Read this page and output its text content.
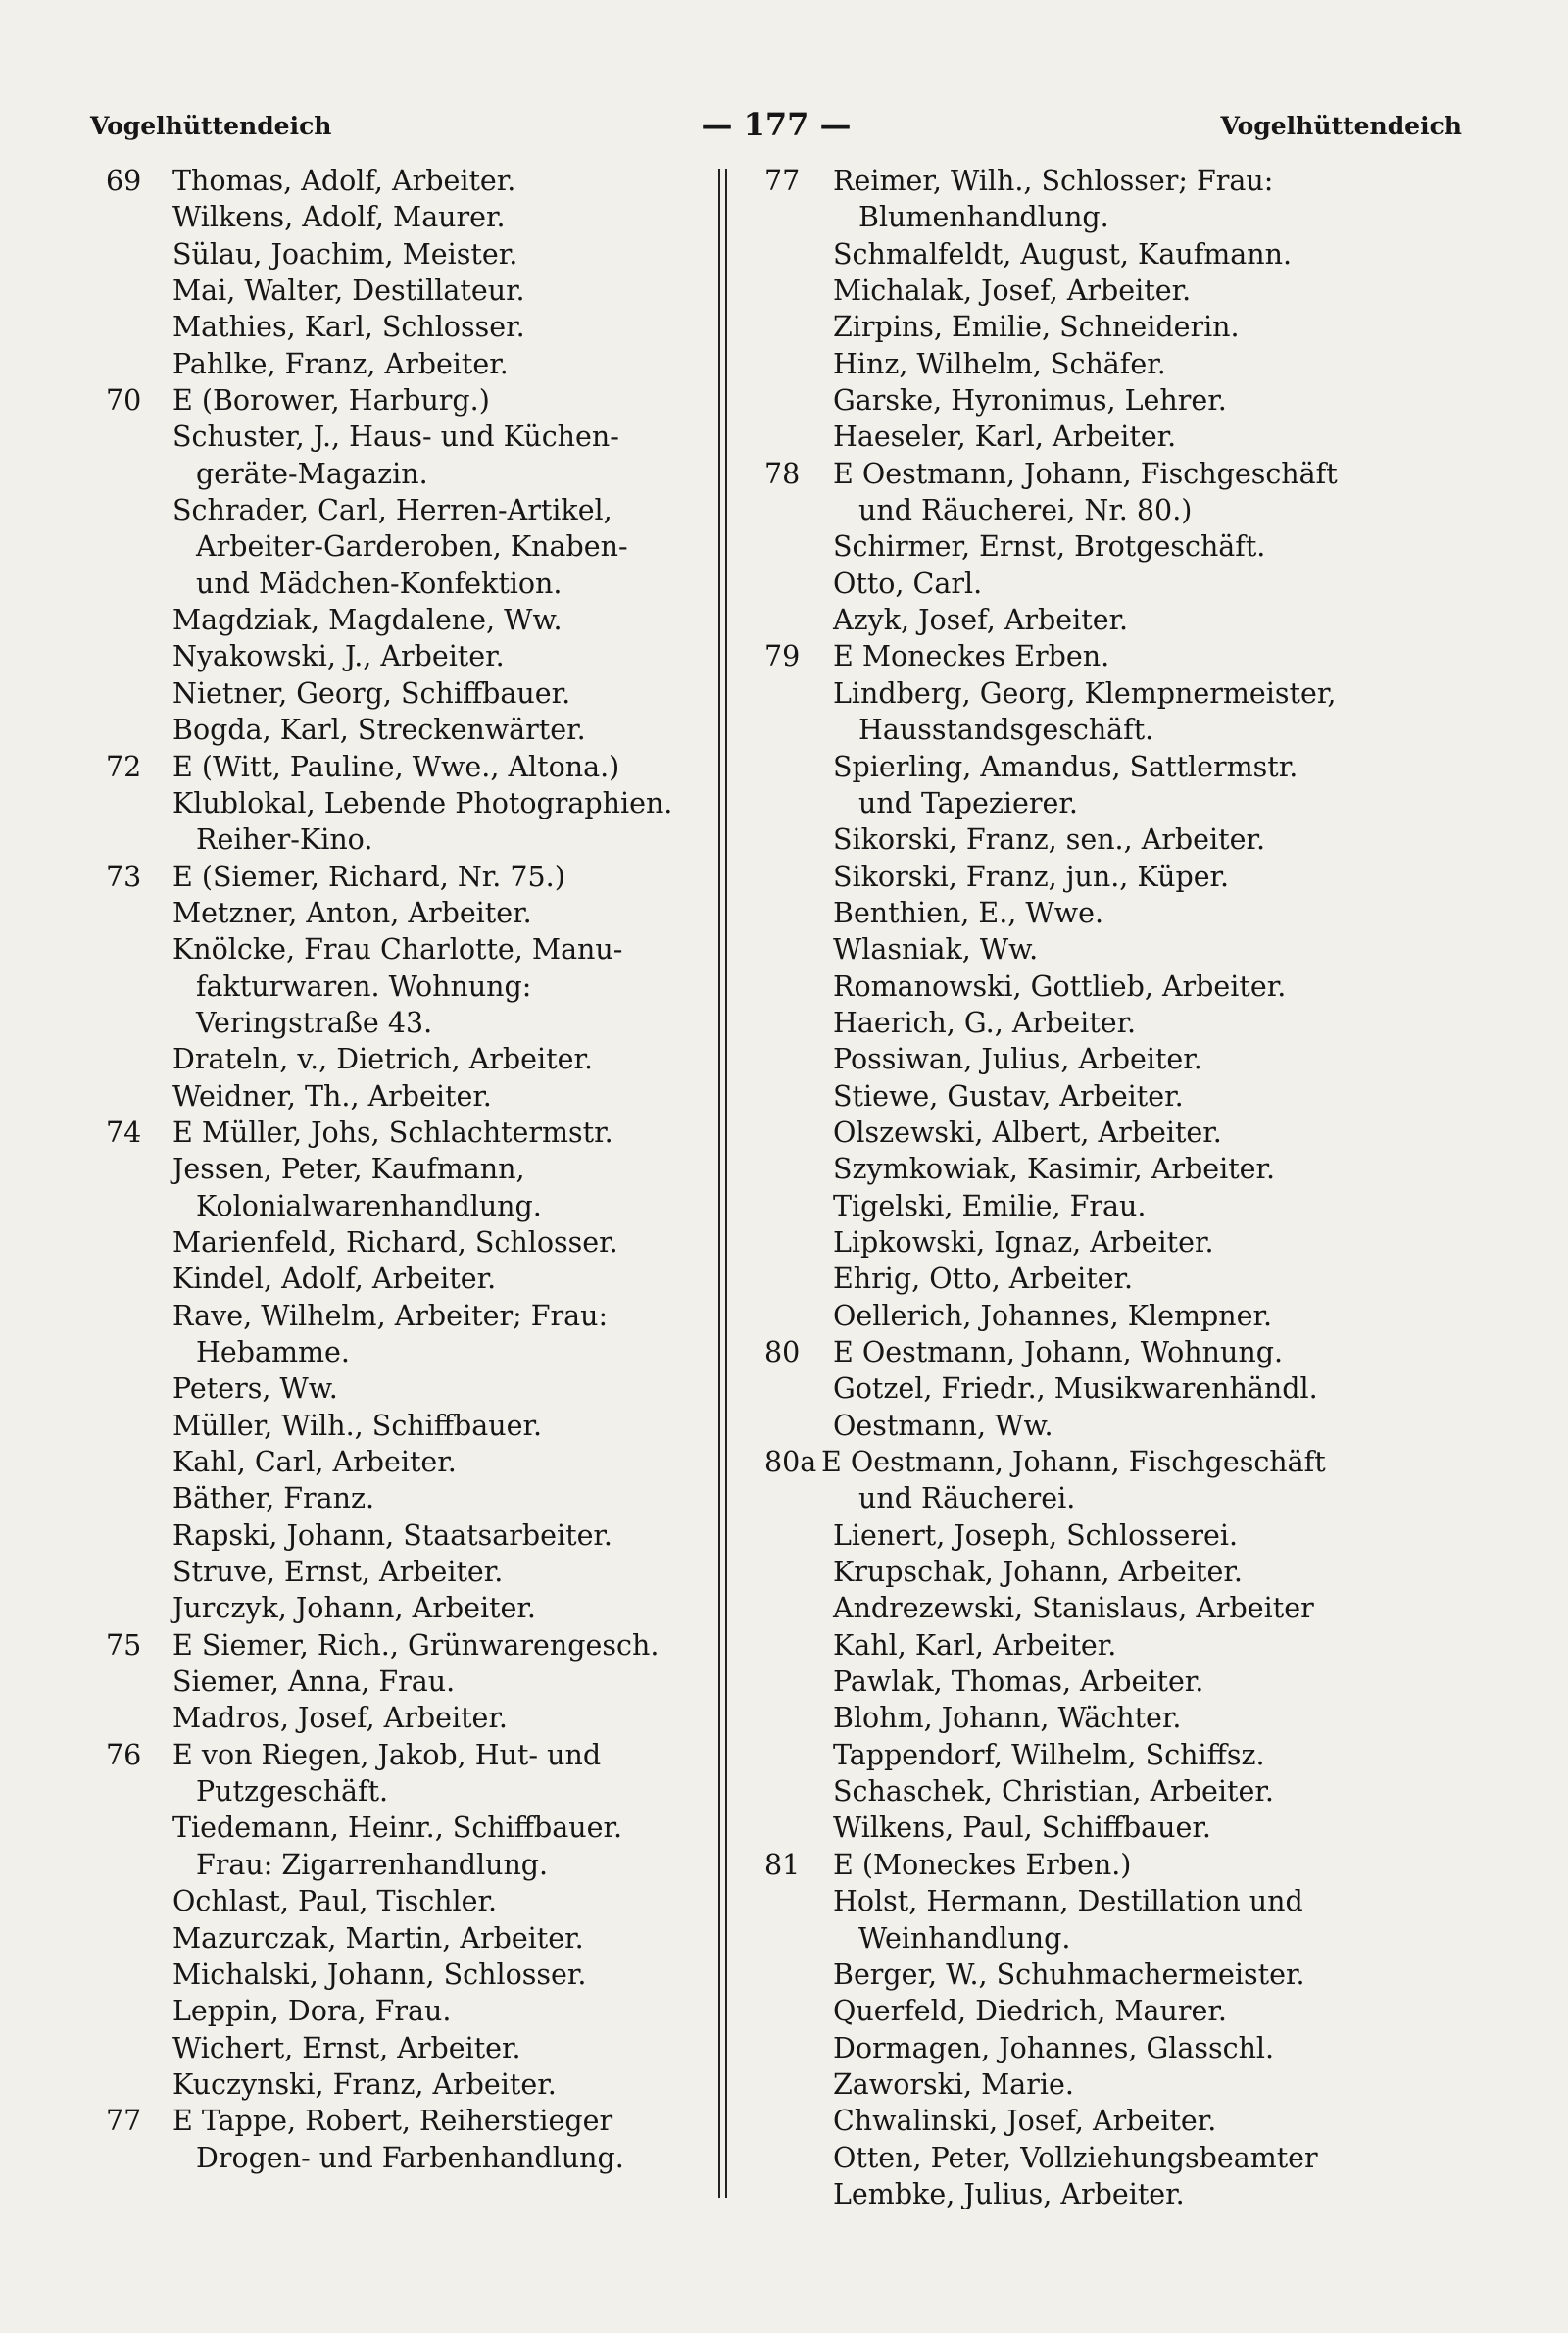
Vogelhüttendeich	— 177 —	Vogelhüttendeich
69 Thomas, Adolf, Arbeiter.
Wilkens, Adolf, Maurer.
Sülau, Joachim, Meister.
Mai, Walter, Destillateur.
Mathies, Karl, Schlosser.
Pahlke, Franz, Arbeiter.
70 E (Borower, Harburg.)
Schuster, J., Haus- und Küchen-
geräte-Magazin.
Schrader, Carl, Herren-Artikel,
Arbeiter-Garderoben, Knaben-
und Mädchen-Konfektion.
Magdziak, Magdalene, Ww.
Nyakowski, J., Arbeiter.
Nietner, Georg, Schiffbauer.
Bogda, Karl, Streckenwärter.
72 E (Witt, Pauline, Wwe., Altona.)
Klublokal, Lebende Photographien.
Reiher-Kino.
73 E (Siemer, Richard, Nr. 75.)
Metzner, Anton, Arbeiter.
Knölcke, Frau Charlotte, Manu-
fakturwaren. Wohnung:
Veringstraße 43.
Drateln, v., Dietrich, Arbeiter.
Weidner, Th., Arbeiter.
74 E Müller, Johs, Schlachtermstr.
Jessen, Peter, Kaufmann,
Kolonialwarenhandlung.
Marienfeld, Richard, Schlosser.
Kindel, Adolf, Arbeiter.
Rave, Wilhelm, Arbeiter; Frau:
Hebamme.
Peters, Ww.
Müller, Wilh., Schiffbauer.
Kahl, Carl, Arbeiter.
Bäther, Franz.
Rapski, Johann, Staatsarbeiter.
Struve, Ernst, Arbeiter.
Jurczyk, Johann, Arbeiter.
75 E Siemer, Rich., Grünwarengesch.
Siemer, Anna, Frau.
Madros, Josef, Arbeiter.
76 E von Riegen, Jakob, Hut- und
Putzgeschäft.
Tiedemann, Heinr., Schiffbauer.
Frau: Zigarrenhandlung.
Ochlast, Paul, Tischler.
Mazurczak, Martin, Arbeiter.
Michalski, Johann, Schlosser.
Leppin, Dora, Frau.
Wichert, Ernst, Arbeiter.
Kuczynski, Franz, Arbeiter.
77 E Tappe, Robert, Reiherstieger
Drogen- und Farbenhandlung.
77 Reimer, Wilh., Schlosser; Frau:
Blumenhandlung.
Schmalfeldt, August, Kaufmann.
Michalak, Josef, Arbeiter.
Zirpins, Emilie, Schneiderin.
Hinz, Wilhelm, Schäfer.
Garske, Hyronimus, Lehrer.
Haeseler, Karl, Arbeiter.
78 E Oestmann, Johann, Fischgeschäft
und Räucherei, Nr. 80.)
Schirmer, Ernst, Brotgeschäft.
Otto, Carl.
Azyk, Josef, Arbeiter.
79 E Moneckes Erben.
Lindberg, Georg, Klempnermeister,
Hausstandsgeschäft.
Spierling, Amandus, Sattlermstr.
und Tapezierer.
Sikorski, Franz, sen., Arbeiter.
Sikorski, Franz, jun., Küper.
Benthien, E., Wwe.
Wlasniak, Ww.
Romanowski, Gottlieb, Arbeiter.
Haerich, G., Arbeiter.
Possiwan, Julius, Arbeiter.
Stiewe, Gustav, Arbeiter.
Olszewski, Albert, Arbeiter.
Szymkowiak, Kasimir, Arbeiter.
Tigelski, Emilie, Frau.
Lipkowski, Ignaz, Arbeiter.
Ehrig, Otto, Arbeiter.
Oellerich, Johannes, Klempner.
80 E Oestmann, Johann, Wohnung.
Gotzel, Friedr., Musikwarenhändl.
Oestmann, Ww.
80a E Oestmann, Johann, Fischgeschäft
und Räucherei.
Lienert, Joseph, Schlosserei.
Krupschak, Johann, Arbeiter.
Andrezewski, Stanislaus, Arbeiter
Kahl, Karl, Arbeiter.
Pawlak, Thomas, Arbeiter.
Blohm, Johann, Wächter.
Tappendorf, Wilhelm, Schiffsz.
Schaschek, Christian, Arbeiter.
Wilkens, Paul, Schiffbauer.
81 E (Moneckes Erben.)
Holst, Hermann, Destillation und
Weinhandlung.
Berger, W., Schuhmachermeister.
Querfeld, Diedrich, Maurer.
Dormagen, Johannes, Glasschl.
Zaworski, Marie.
Chwalinski, Josef, Arbeiter.
Otten, Peter, Vollziehungsbeamter
Lembke, Julius, Arbeiter.
